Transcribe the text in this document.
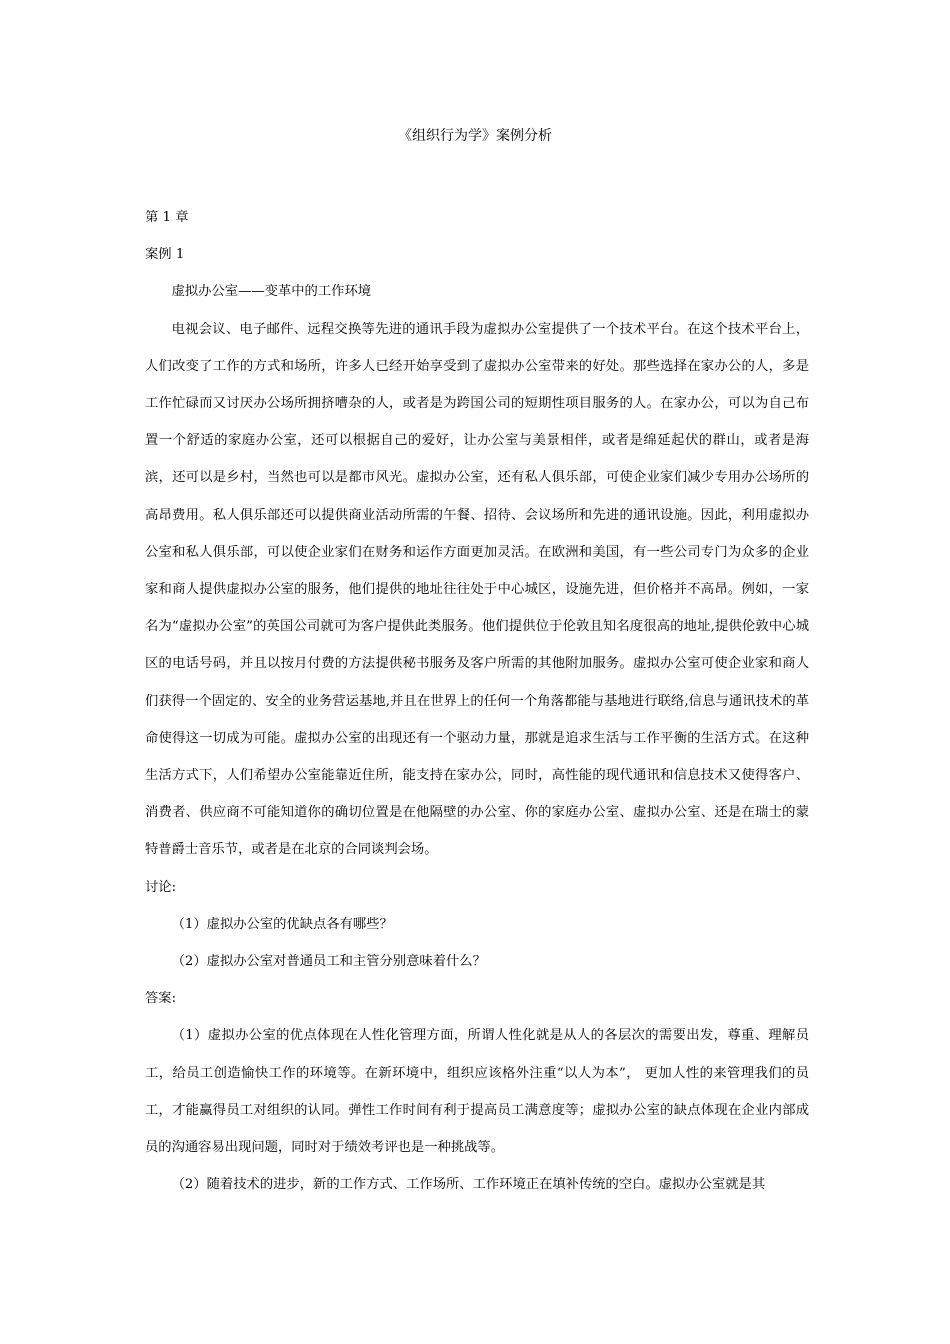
《组织行为学》案例分析

第 1 章

案例 1

虚拟办公室——变革中的工作环境

电视会议、电子邮件、远程交换等先进的通讯手段为虚拟办公室提供了一个技术平台。在这个技术平台上，人们改变了工作的方式和场所，许多人已经开始享受到了虚拟办公室带来的好处。那些选择在家办公的人，多是工作忙碌而又讨厌办公场所拥挤嘈杂的人，或者是为跨国公司的短期性项目服务的人。在家办公，可以为自己布置一个舒适的家庭办公室，还可以根据自己的爱好，让办公室与美景相伴，或者是绵延起伏的群山，或者是海滨，还可以是乡村，当然也可以是都市风光。虚拟办公室，还有私人俱乐部，可使企业家们减少专用办公场所的高昂费用。私人俱乐部还可以提供商业活动所需的午餐、招待、会议场所和先进的通讯设施。因此，利用虚拟办公室和私人俱乐部，可以使企业家们在财务和运作方面更加灵活。在欧洲和美国，有一些公司专门为众多的企业家和商人提供虚拟办公室的服务，他们提供的地址往往处于中心城区，设施先进，但价格并不高昂。例如，一家名为“虚拟办公室”的英国公司就可为客户提供此类服务。他们提供位于伦敦且知名度很高的地址,提供伦敦中心城区的电话号码，并且以按月付费的方法提供秘书服务及客户所需的其他附加服务。虚拟办公室可使企业家和商人们获得一个固定的、安全的业务营运基地,并且在世界上的任何一个角落都能与基地进行联络,信息与通讯技术的革命使得这一切成为可能。虚拟办公室的出现还有一个驱动力量，那就是追求生活与工作平衡的生活方式。在这种生活方式下，人们希望办公室能靠近住所，能支持在家办公，同时，高性能的现代通讯和信息技术又使得客户、消费者、供应商不可能知道你的确切位置是在他隔壁的办公室、你的家庭办公室、虚拟办公室、还是在瑞士的蒙特普爵士音乐节，或者是在北京的合同谈判会场。

讨论:

（1）虚拟办公室的优缺点各有哪些？

（2）虚拟办公室对普通员工和主管分别意味着什么？

答案:

（1）虚拟办公室的优点体现在人性化管理方面，所谓人性化就是从人的各层次的需要出发，尊重、理解员工，给员工创造愉快工作的环境等。在新环境中，组织应该格外注重“以人为本”， 更加人性的来管理我们的员工，才能赢得员工对组织的认同。弹性工作时间有利于提高员工满意度等；虚拟办公室的缺点体现在企业内部成员的沟通容易出现问题，同时对于绩效考评也是一种挑战等。

（2）随着技术的进步，新的工作方式、工作场所、工作环境正在填补传统的空白。虚拟办公室就是其
